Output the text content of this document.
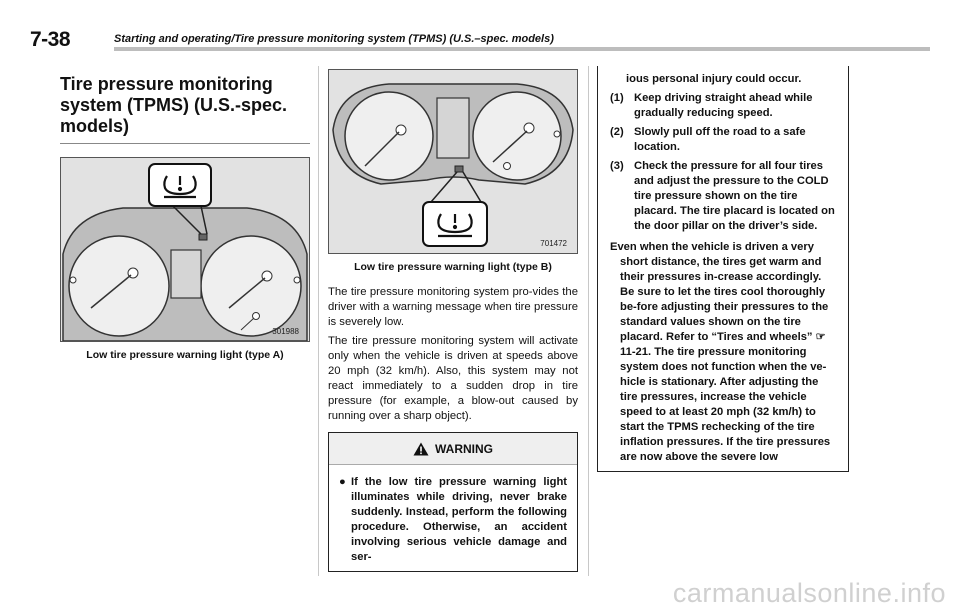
7-38	Starting and operating/Tire pressure monitoring system (TPMS) (U.S.–spec. models)
Tire pressure monitoring
system (TPMS) (U.S.-spec.
models)
301988
Low tire pressure warning light (type A)
701472
Low tire pressure warning light (type B)

The tire pressure monitoring system pro-vides the driver with a warning message when tire pressure is severely low.

The tire pressure monitoring system will activate only when the vehicle is driven at speeds above 20 mph (32 km/h). Also, this system may not react immediately to a sudden drop in tire pressure (for example, a blow-out caused by running over a sharp object).

WARNING
● If the low tire pressure warning light illuminates while driving, never brake suddenly. Instead, perform the following procedure. Otherwise, an accident involving serious vehicle damage and ser-
ious personal injury could occur.
(1) Keep driving straight ahead while gradually reducing speed.
(2) Slowly pull off the road to a safe location.
(3) Check the pressure for all four tires and adjust the pressure to the COLD tire pressure shown on the tire placard. The tire placard is located on the door pillar on the driver’s side.

Even when the vehicle is driven a very short distance, the tires get warm and their pressures in-crease accordingly. Be sure to let the tires cool thoroughly be-fore adjusting their pressures to the standard values shown on the tire placard. Refer to “Tires and wheels” ☞11-21. The tire pressure monitoring system does not function when the ve-hicle is stationary. After adjusting the tire pressures, increase the vehicle speed to at least 20 mph (32 km/h) to start the TPMS rechecking of the tire inflation pressures. If the tire pressures are now above the severe low

carmanualsonline.info
